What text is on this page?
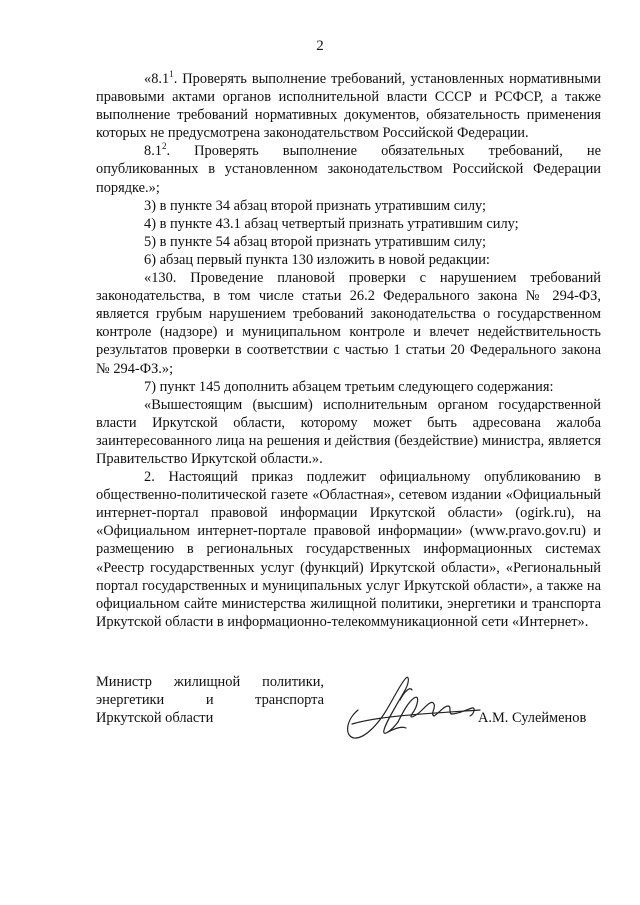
2

«$8.1^1$. Проверять выполнение требований, установленных нормативными правовыми актами органов исполнительной власти СССР и РСФСР, а также выполнение требований нормативных документов, обязательность применения которых не предусмотрена законодательством Российской Федерации.

$8.1^2$. Проверять выполнение обязательных требований, не опубликованных в установленном законодательством Российской Федерации порядке.»;

3) в пункте 34 абзац второй признать утратившим силу;

4) в пункте 43.1 абзац четвертый признать утратившим силу;

5) в пункте 54 абзац второй признать утратившим силу;

6) абзац первый пункта 130 изложить в новой редакции:

«130. Проведение плановой проверки с нарушением требований законодательства, в том числе статьи 26.2 Федерального закона № 294-ФЗ, является грубым нарушением требований законодательства о государственном контроле (надзоре) и муниципальном контроле и влечет недействительность результатов проверки в соответствии с частью 1 статьи 20 Федерального закона № 294-ФЗ.»;

7) пункт 145 дополнить абзацем третьим следующего содержания:

«Вышестоящим (высшим) исполнительным органом государственной власти Иркутской области, которому может быть адресована жалоба заинтересованного лица на решения и действия (бездействие) министра, является Правительство Иркутской области.».

2. Настоящий приказ подлежит официальному опубликованию в общественно-политической газете «Областная», сетевом издании «Официальный интернет-портал правовой информации Иркутской области» (ogirk.ru), на «Официальном интернет-портале правовой информации» (www.pravo.gov.ru) и размещению в региональных государственных информационных системах «Реестр государственных услуг (функций) Иркутской области», «Региональный портал государственных и муниципальных услуг Иркутской области», а также на официальном сайте министерства жилищной политики, энергетики и транспорта Иркутской области в информационно-телекоммуникационной сети «Интернет».

Министр жилищной политики,
энергетики и транспорта
Иркутской области	А.М. Сулейменов
